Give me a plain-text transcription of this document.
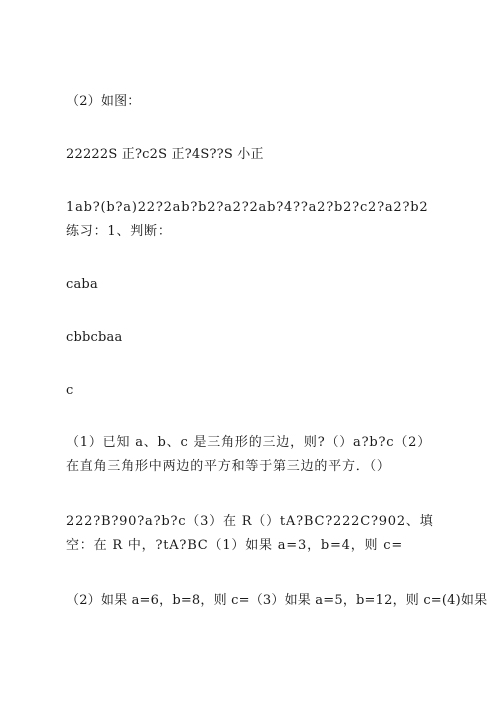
（2）如图：
22222S 正?c2S 正?4S??S 小正
1ab?(b?a)22?2ab?b2?a2?2ab?4??a2?b2?c2?a2?b2 练习：1、判断：
caba
cbbcbaa
c
（1）已知 a、b、c 是三角形的三边，则?（）a?b?c（2）在直角三角形中两边的平方和等于第三边的平方．（）
222?B?90?a?b?c（3）在 R（）tA?BC?222C?902、填空：在 R 中，?tA?BC（1）如果 a=3，b=4，则 c=
（2）如果 a=6，b=8，则 c=（3）如果 a=5，b=12，则 c=(4)如果
